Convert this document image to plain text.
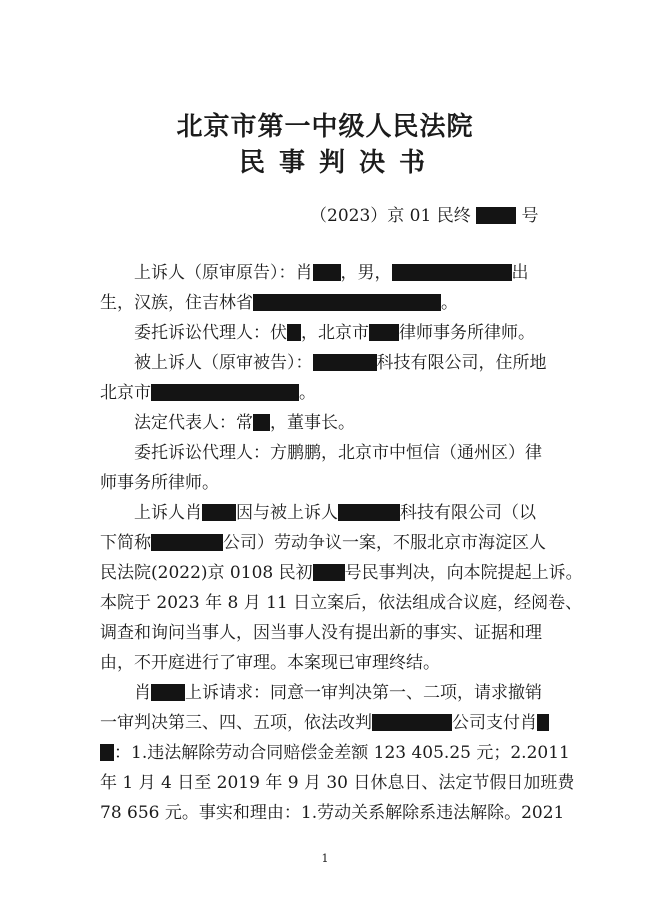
北京市第一中级人民法院
民事判决书
（2023）京 01 民终	号
上诉人（原审原告）：肖 ，男，	出
生，汉族，住吉林省	。
委托诉讼代理人：伏 ，北京市 律师事务所律师。
被上诉人（原审被告）：	科技有限公司，住所地
北京市	。
法定代表人：常 ，董事长。
委托诉讼代理人：方鹏鹏，北京市中恒信（通州区）律
师事务所律师。
上诉人肖 因与被上诉人	科技有限公司（以
下简称	公司）劳动争议一案，不服北京市海淀区人
民法院(2022)京 0108 民初 号民事判决，向本院提起上诉。
本院于 2023 年 8 月 11 日立案后，依法组成合议庭，经阅卷、
调查和询问当事人，因当事人没有提出新的事实、证据和理
由，不开庭进行了审理。本案现已审理终结。
肖 上诉请求：同意一审判决第一、二项，请求撤销
一审判决第三、四、五项，依法改判	公司支付肖
：1.违法解除劳动合同赔偿金差额 123 405.25 元；2.2011
年 1 月 4 日至 2019 年 9 月 30 日休息日、法定节假日加班费
78 656 元。事实和理由：1.劳动关系解除系违法解除。2021
1
